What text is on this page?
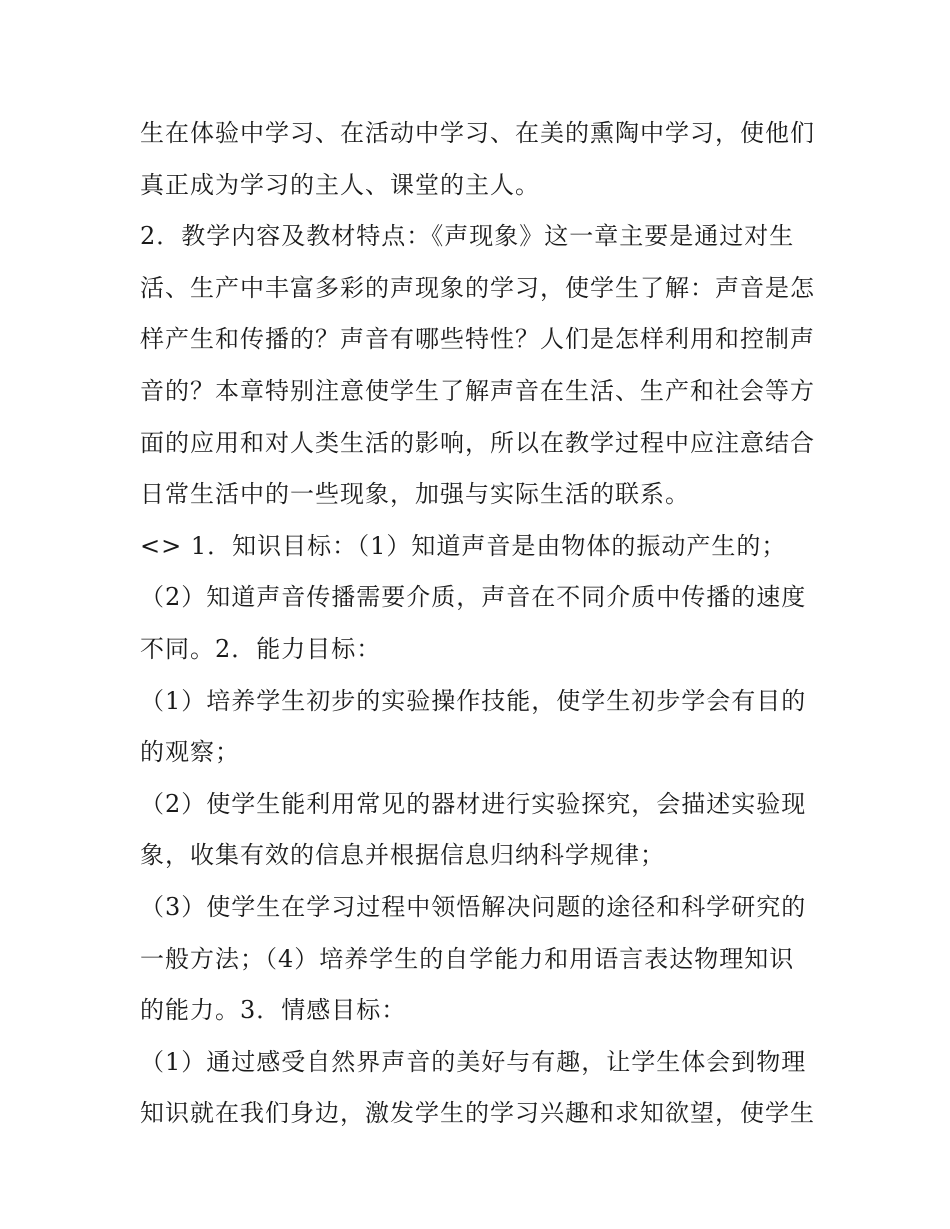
生在体验中学习、在活动中学习、在美的熏陶中学习，使他们
真正成为学习的主人、课堂的主人。
2．教学内容及教材特点：《声现象》这一章主要是通过对生
活、生产中丰富多彩的声现象的学习，使学生了解：声音是怎
样产生和传播的？声音有哪些特性？人们是怎样利用和控制声
音的？本章特别注意使学生了解声音在生活、生产和社会等方
面的应用和对人类生活的影响，所以在教学过程中应注意结合
日常生活中的一些现象，加强与实际生活的联系。
<> 1．知识目标：（1）知道声音是由物体的振动产生的；
（2）知道声音传播需要介质，声音在不同介质中传播的速度
不同。2．能力目标：
（1）培养学生初步的实验操作技能，使学生初步学会有目的
的观察；
（2）使学生能利用常见的器材进行实验探究，会描述实验现
象，收集有效的信息并根据信息归纳科学规律；
（3）使学生在学习过程中领悟解决问题的途径和科学研究的
一般方法；（4）培养学生的自学能力和用语言表达物理知识
的能力。3．情感目标：
（1）通过感受自然界声音的美好与有趣，让学生体会到物理
知识就在我们身边，激发学生的学习兴趣和求知欲望，使学生
